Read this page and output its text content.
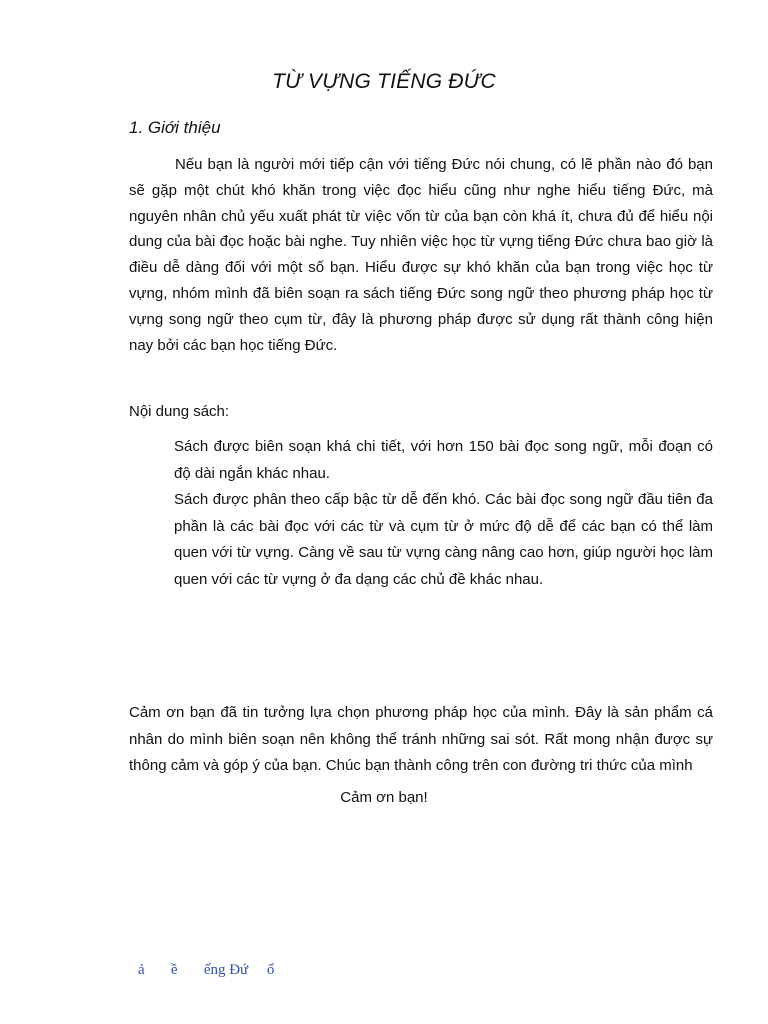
TỪ VỰNG TIẾNG ĐỨC
1. Giới thiệu

Nếu bạn là người mới tiếp cận với tiếng Đức nói chung, có lẽ phần nào đó bạn sẽ gặp một chút khó khăn trong việc đọc hiểu cũng như nghe hiểu tiếng Đức, mà nguyên nhân chủ yếu xuất phát từ việc vốn từ của bạn còn khá ít, chưa đủ để hiểu nội dung của bài đọc hoặc bài nghe. Tuy nhiên việc học từ vựng tiếng Đức chưa bao giờ là điều dễ dàng đối với một số bạn. Hiểu được sự khó khăn của bạn trong việc học từ vựng, nhóm mình đã biên soạn ra sách tiếng Đức song ngữ theo phương pháp học từ vựng song ngữ theo cụm từ, đây là phương pháp được sử dụng rất thành công hiện nay bởi các bạn học tiếng Đức.

Nội dung sách:

Sách được biên soạn khá chi tiết, với hơn 150 bài đọc song ngữ, mỗi đoạn có độ dài ngắn khác nhau.
Sách được phân theo cấp bậc từ dễ đến khó. Các bài đọc song ngữ đầu tiên đa phần là các bài đọc với các từ và cụm từ ở mức độ dễ để các bạn có thể làm quen với từ vựng. Càng về sau từ vựng càng nâng cao hơn, giúp người học làm quen với các từ vựng ở đa dạng các chủ đề khác nhau.

Cảm ơn bạn đã tin tưởng lựa chọn phương pháp học của mình. Đây là sản phẩm cá nhân do mình biên soạn nên không thể tránh những sai sót. Rất mong nhận được sự thông cảm và góp ý của bạn. Chúc bạn thành công trên con đường tri thức của mình

Cảm ơn bạn!

ả       ề       ếng Đứ     ổ
